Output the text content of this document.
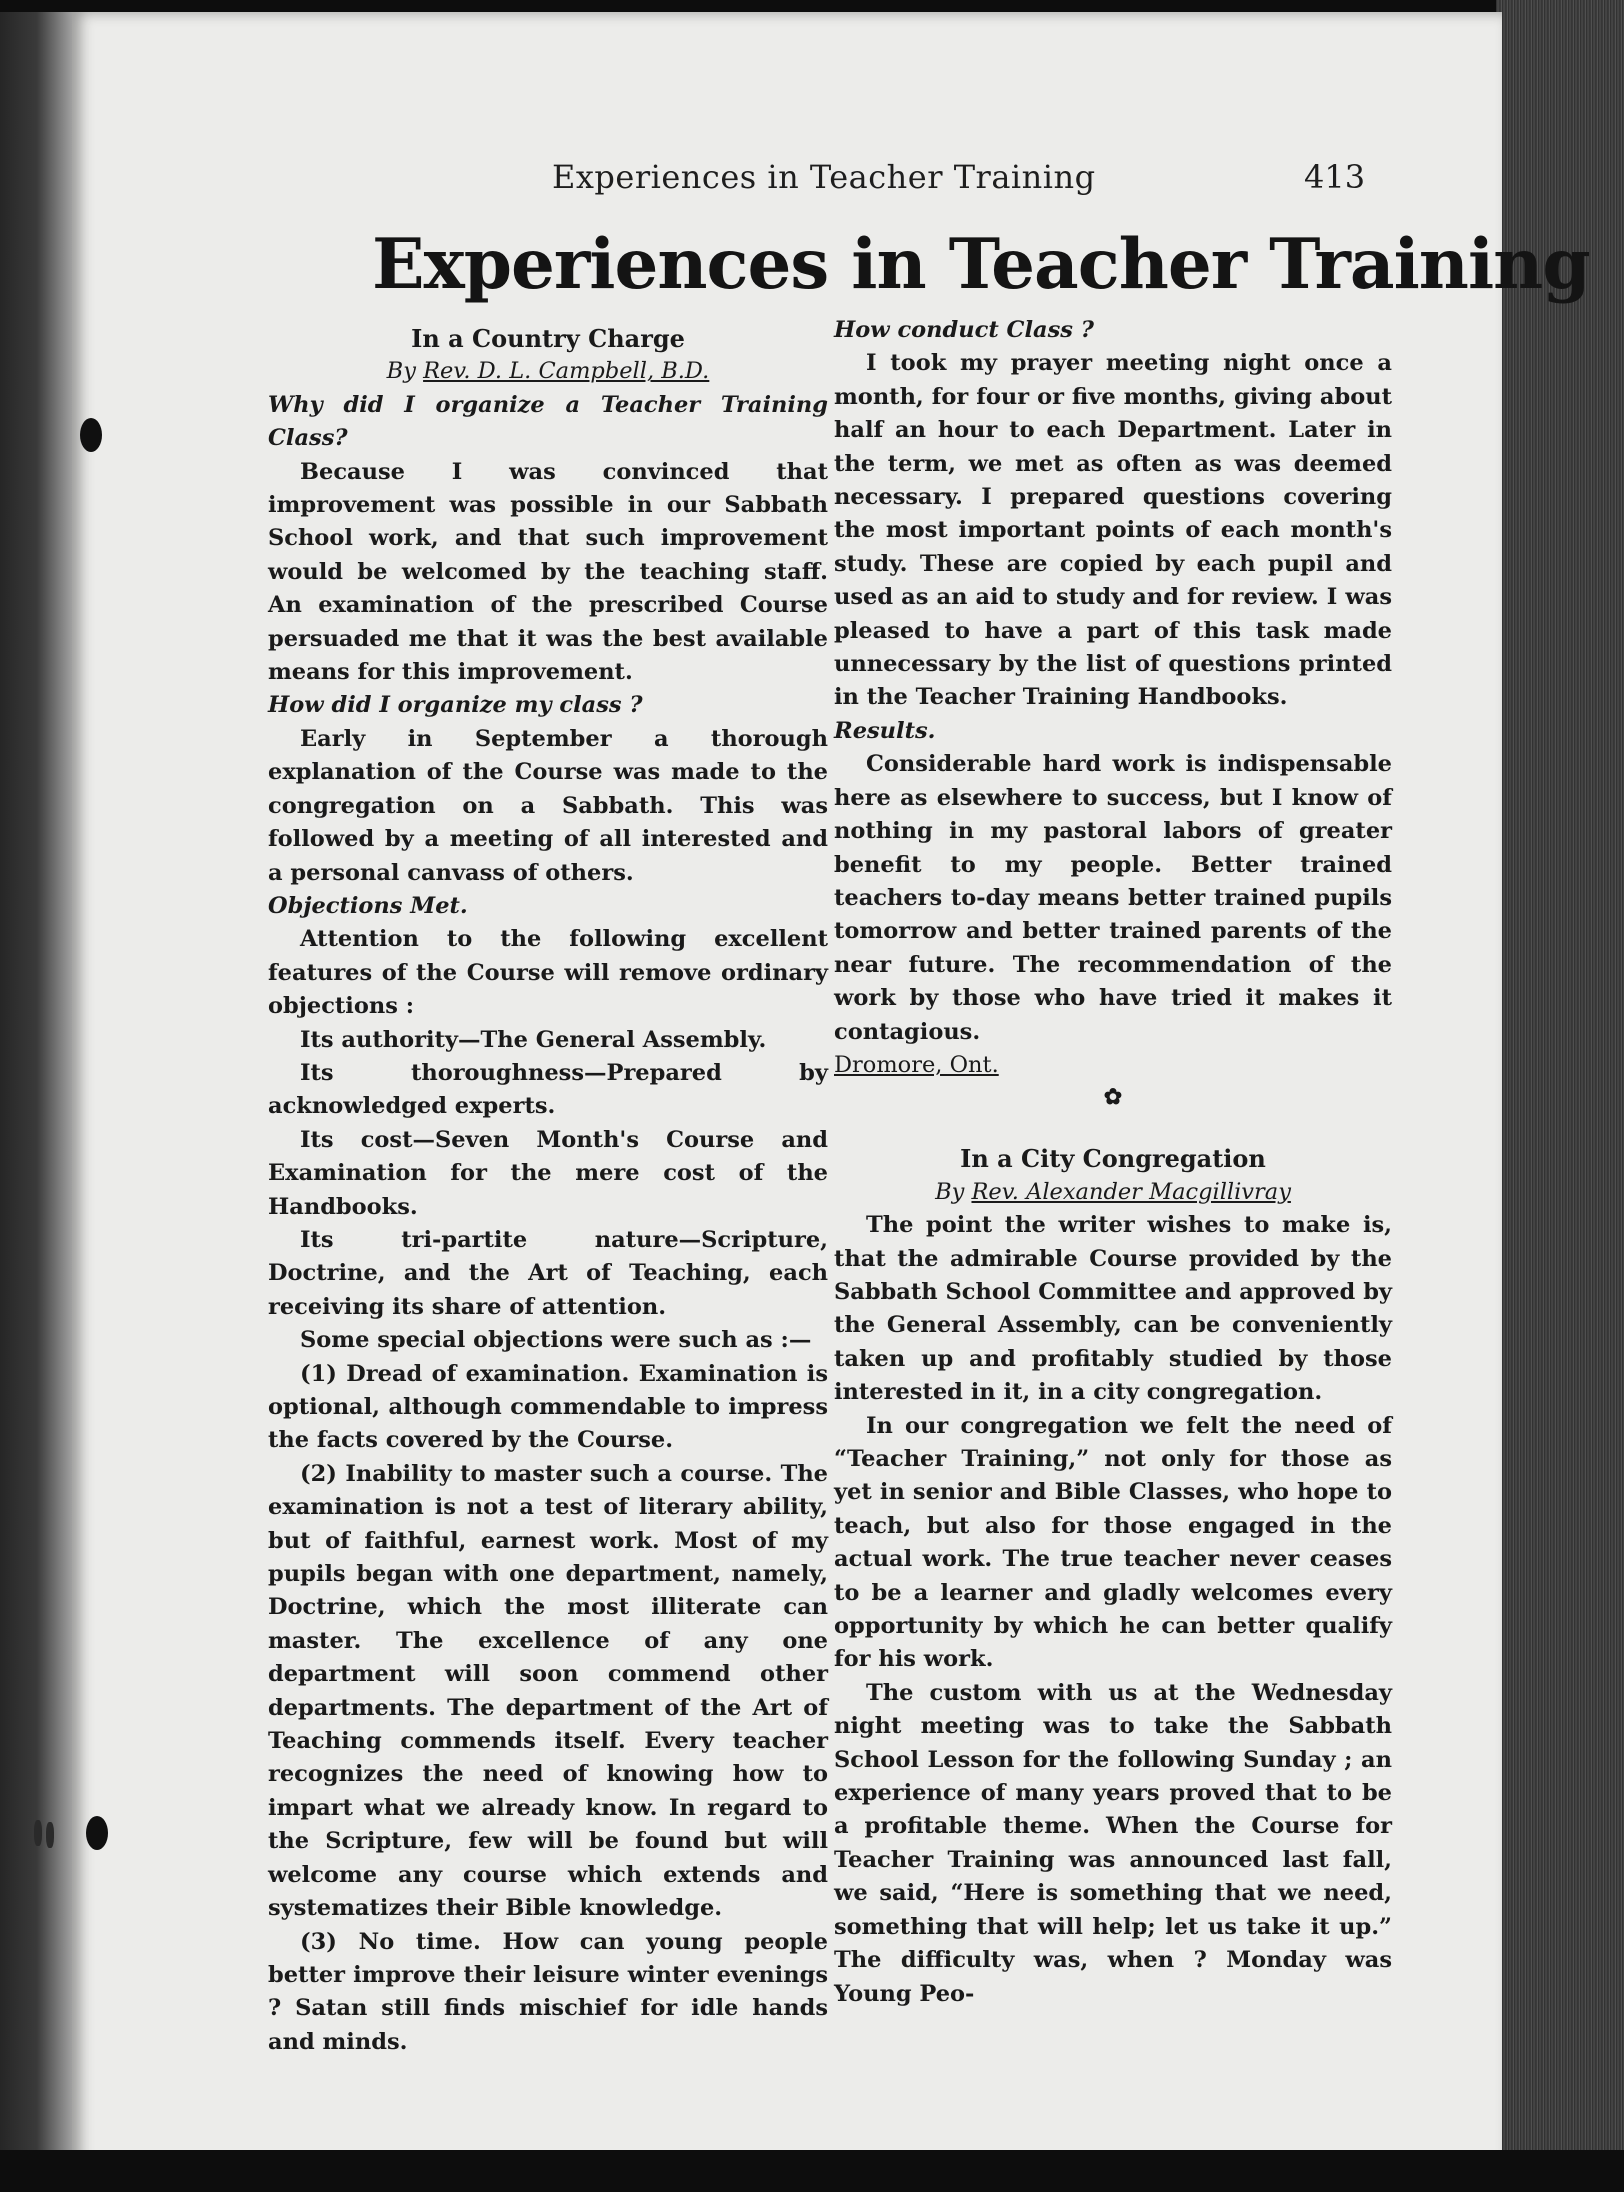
Experiences in Teacher Training	413
Experiences in Teacher Training

In a Country Charge

By Rev. D. L. Campbell, B.D.

Why did I organize a Teacher Training Class?

Because I was convinced that improvement was possible in our Sabbath School work, and that such improvement would be welcomed by the teaching staff. An examination of the prescribed Course persuaded me that it was the best available means for this improvement.

How did I organize my class ?

Early in September a thorough explanation of the Course was made to the congregation on a Sabbath. This was followed by a meeting of all interested and a personal canvass of others.

Objections Met.

Attention to the following excellent features of the Course will remove ordinary objections :

Its authority—The General Assembly.

Its thoroughness—Prepared by acknowledged experts.

Its cost—Seven Month's Course and Examination for the mere cost of the Handbooks.

Its tri-partite nature—Scripture, Doctrine, and the Art of Teaching, each receiving its share of attention.

Some special objections were such as :—

(1) Dread of examination. Examination is optional, although commendable to impress the facts covered by the Course.

(2) Inability to master such a course. The examination is not a test of literary ability, but of faithful, earnest work. Most of my pupils began with one department, namely, Doctrine, which the most illiterate can master. The excellence of any one department will soon commend other departments. The department of the Art of Teaching commends itself. Every teacher recognizes the need of knowing how to impart what we already know. In regard to the Scripture, few will be found but will welcome any course which extends and systematizes their Bible knowledge.

(3) No time. How can young people better improve their leisure winter evenings ? Satan still finds mischief for idle hands and minds.

How conduct Class ?

I took my prayer meeting night once a month, for four or five months, giving about half an hour to each Department. Later in the term, we met as often as was deemed necessary. I prepared questions covering the most important points of each month's study. These are copied by each pupil and used as an aid to study and for review. I was pleased to have a part of this task made unnecessary by the list of questions printed in the Teacher Training Handbooks.

Results.

Considerable hard work is indispensable here as elsewhere to success, but I know of nothing in my pastoral labors of greater benefit to my people. Better trained teachers to-day means better trained pupils tomorrow and better trained parents of the near future. The recommendation of the work by those who have tried it makes it contagious.

Dromore, Ont.

✿

In a City Congregation

By Rev. Alexander Macgillivray

The point the writer wishes to make is, that the admirable Course provided by the Sabbath School Committee and approved by the General Assembly, can be conveniently taken up and profitably studied by those interested in it, in a city congregation.

In our congregation we felt the need of “Teacher Training,” not only for those as yet in senior and Bible Classes, who hope to teach, but also for those engaged in the actual work. The true teacher never ceases to be a learner and gladly welcomes every opportunity by which he can better qualify for his work.

The custom with us at the Wednesday night meeting was to take the Sabbath School Lesson for the following Sunday ; an experience of many years proved that to be a profitable theme. When the Course for Teacher Training was announced last fall, we said, “Here is something that we need, something that will help; let us take it up.” The difficulty was, when ? Monday was Young Peo-
